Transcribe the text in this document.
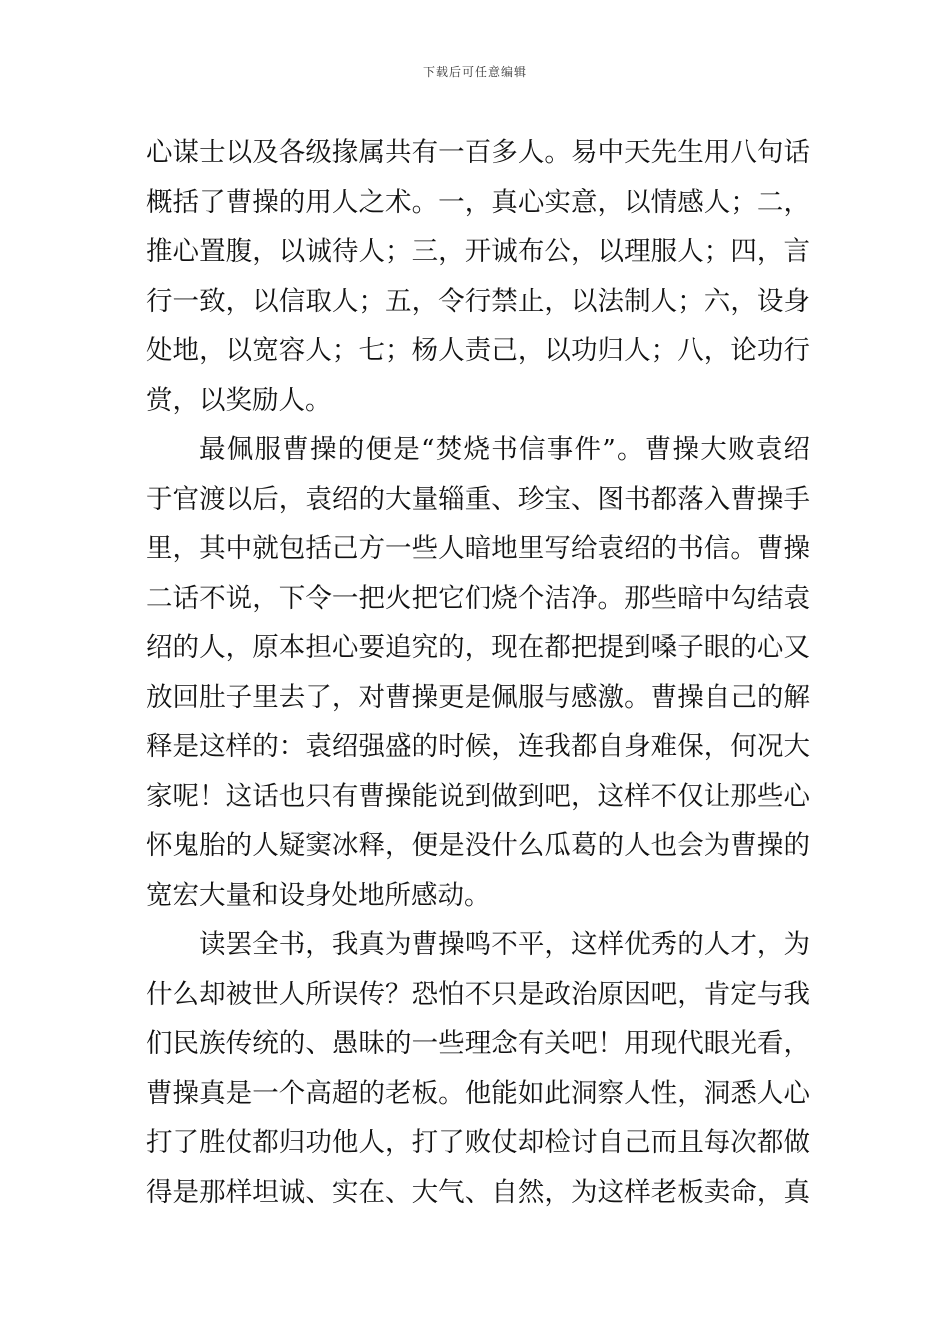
下载后可任意编辑
心谋士以及各级掾属共有一百多人。易中天先生用八句话
概括了曹操的用人之术。一，真心实意，以情感人；二，
推心置腹，以诚待人；三，开诚布公，以理服人；四，言
行一致，以信取人；五，令行禁止，以法制人；六，设身
处地，以宽容人；七；杨人责己，以功归人；八，论功行
赏，以奖励人。
最佩服曹操的便是“焚烧书信事件”。曹操大败袁绍
于官渡以后，袁绍的大量辎重、珍宝、图书都落入曹操手
里，其中就包括己方一些人暗地里写给袁绍的书信。曹操
二话不说，下令一把火把它们烧个洁净。那些暗中勾结袁
绍的人，原本担心要追究的，现在都把提到嗓子眼的心又
放回肚子里去了，对曹操更是佩服与感激。曹操自己的解
释是这样的：袁绍强盛的时候，连我都自身难保，何况大
家呢！这话也只有曹操能说到做到吧，这样不仅让那些心
怀鬼胎的人疑窦冰释，便是没什么瓜葛的人也会为曹操的
宽宏大量和设身处地所感动。
读罢全书，我真为曹操鸣不平，这样优秀的人才，为
什么却被世人所误传？恐怕不只是政治原因吧，肯定与我
们民族传统的、愚昧的一些理念有关吧！用现代眼光看，
曹操真是一个高超的老板。他能如此洞察人性，洞悉人心
打了胜仗都归功他人，打了败仗却检讨自己而且每次都做
得是那样坦诚、实在、大气、自然，为这样老板卖命，真
